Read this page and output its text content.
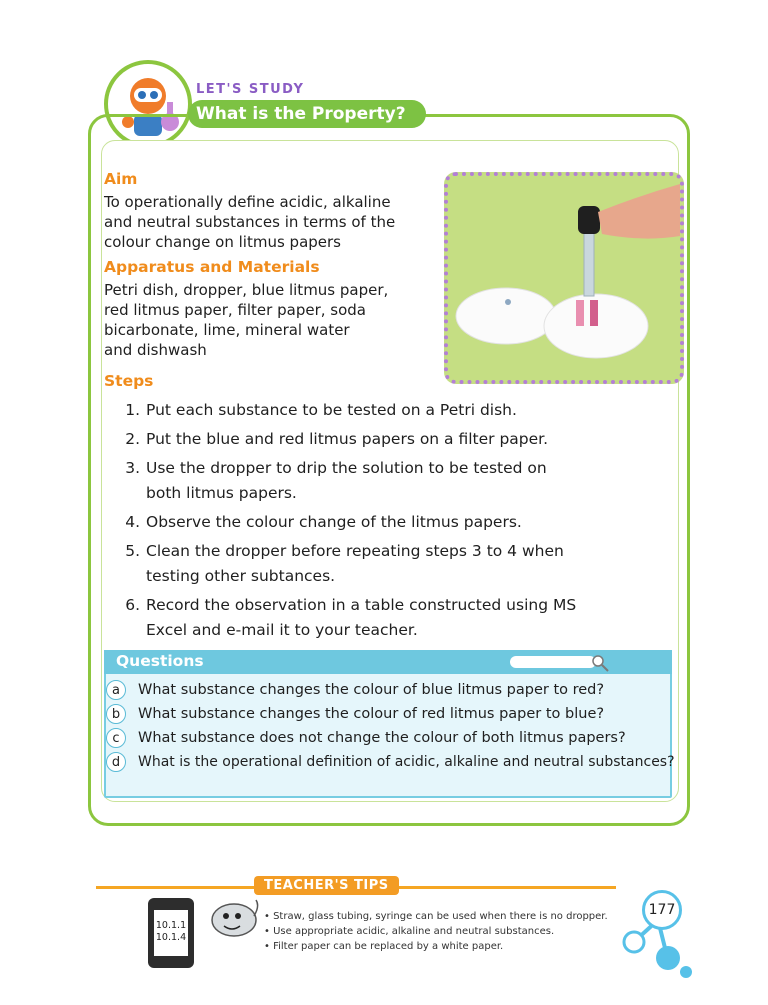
LET'S STUDY
What is the Property?
Aim
To operationally define acidic, alkaline
and neutral substances in terms of the
colour change on litmus papers
Apparatus and Materials
Petri dish, dropper, blue litmus paper,
red litmus paper, filter paper, soda
bicarbonate, lime, mineral water
and dishwash
Steps
1. Put each substance to be tested on a Petri dish.
2. Put the blue and red litmus papers on a filter paper.
3. Use the dropper to drip the solution to be tested on both litmus papers.
4. Observe the colour change of the litmus papers.
5. Clean the dropper before repeating steps 3 to 4 when testing other subtances.
6. Record the observation in a table constructed using MS Excel and e-mail it to your teacher.
Questions
a	What substance changes the colour of blue litmus paper to red?
b	What substance changes the colour of red litmus paper to blue?
c	What substance does not change the colour of both litmus papers?
d	What is the operational definition of acidic, alkaline and neutral substances?
TEACHER'S TIPS
10.1.1
10.1.4
• Straw, glass tubing, syringe can be used when there is no dropper.
• Use appropriate acidic, alkaline and neutral substances.
• Filter paper can be replaced by a white paper.
177
